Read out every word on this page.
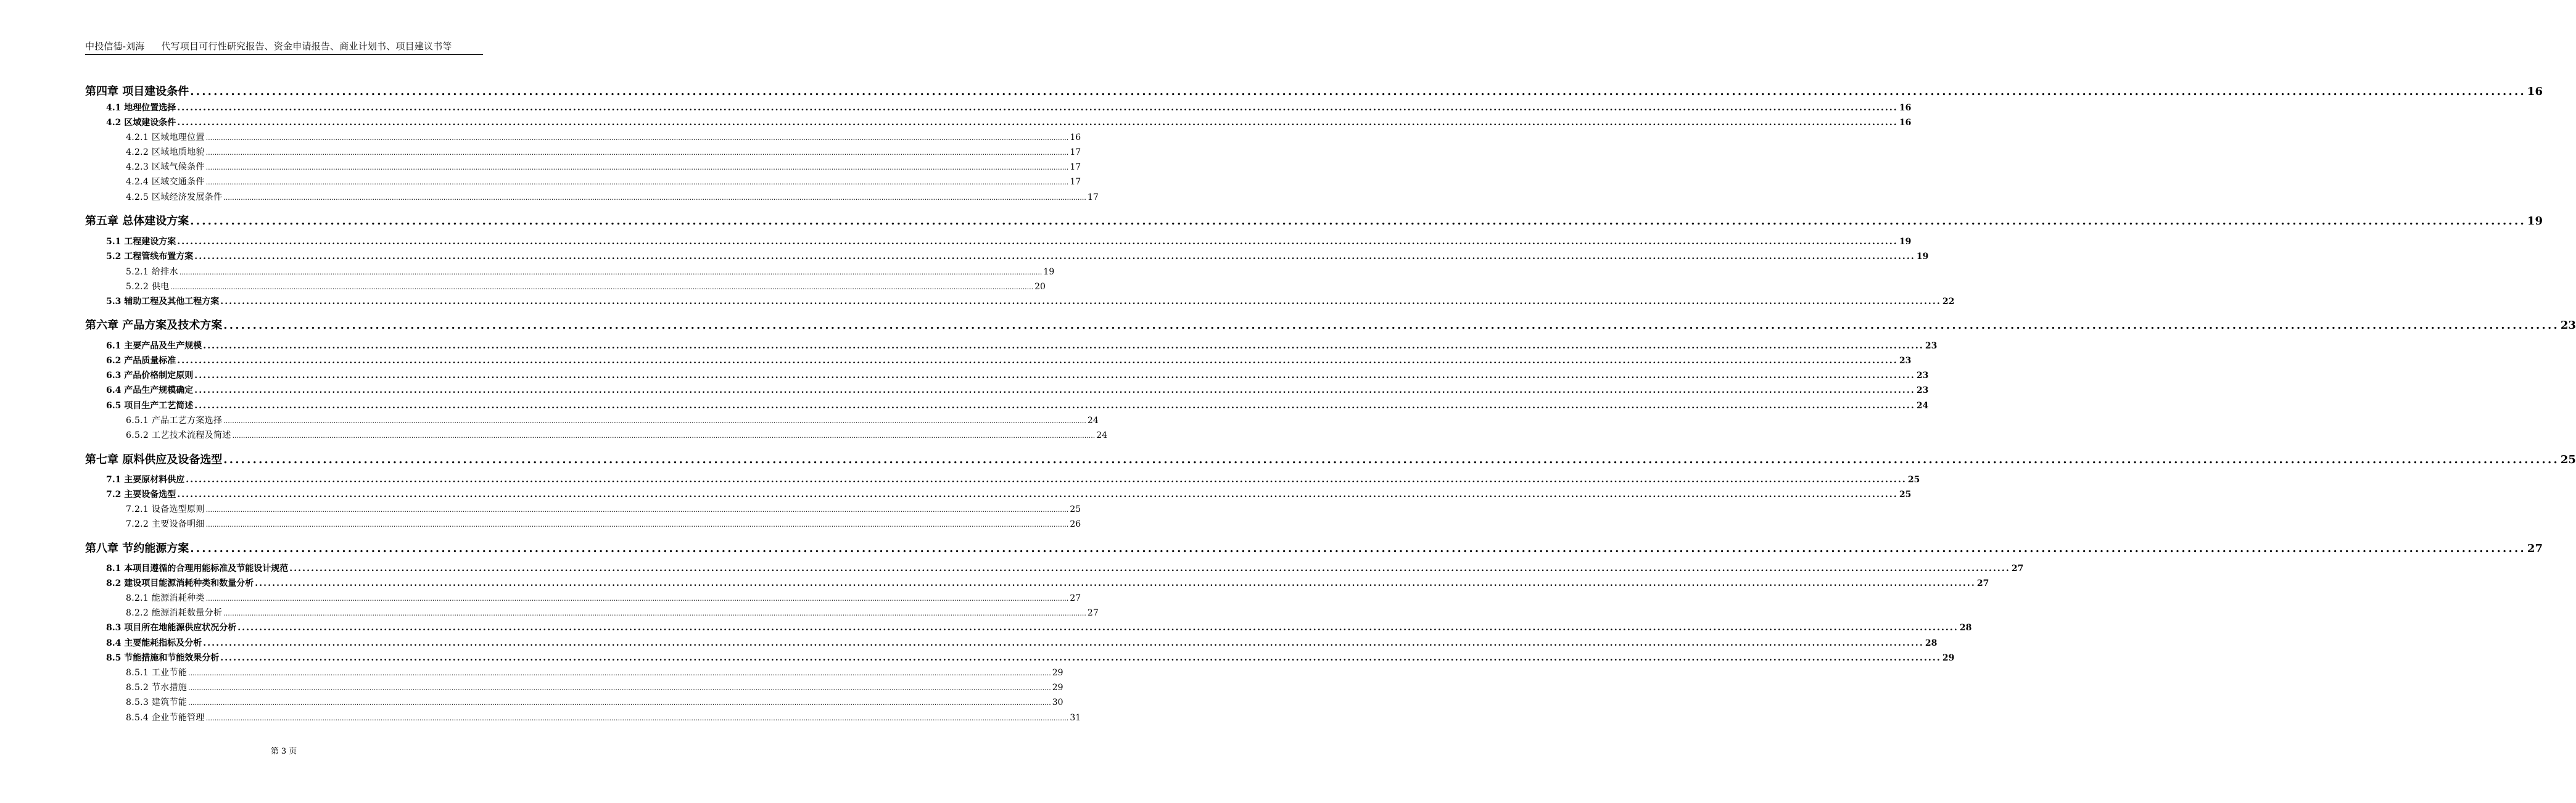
中投信德-刘海 代写项目可行性研究报告、资金申请报告、商业计划书、项目建议书等
第四章 项目建设条件 ................................................................................................................................................................................................................................................................................................................................................................................................................ 16
4.1 地理位置选择 ................................................................................................................................................................................................................................................................................................................................................................................................................ 16
4.2 区域建设条件 ................................................................................................................................................................................................................................................................................................................................................................................................................ 16
4.2.1 区域地理位置 ................................................................................................................................................................................................................................................................................................................................................................................................................ 16
4.2.2 区域地质地貌 ................................................................................................................................................................................................................................................................................................................................................................................................................ 17
4.2.3 区域气候条件 ................................................................................................................................................................................................................................................................................................................................................................................................................ 17
4.2.4 区域交通条件 ................................................................................................................................................................................................................................................................................................................................................................................................................ 17
4.2.5 区域经济发展条件 ................................................................................................................................................................................................................................................................................................................................................................................................................ 17
第五章 总体建设方案 ................................................................................................................................................................................................................................................................................................................................................................................................................ 19
5.1 工程建设方案 ................................................................................................................................................................................................................................................................................................................................................................................................................ 19
5.2 工程管线布置方案 ................................................................................................................................................................................................................................................................................................................................................................................................................ 19
5.2.1 给排水 ................................................................................................................................................................................................................................................................................................................................................................................................................ 19
5.2.2 供电 ................................................................................................................................................................................................................................................................................................................................................................................................................ 20
5.3 辅助工程及其他工程方案 ................................................................................................................................................................................................................................................................................................................................................................................................................ 22
第六章 产品方案及技术方案 ................................................................................................................................................................................................................................................................................................................................................................................................................ 23
6.1 主要产品及生产规模 ................................................................................................................................................................................................................................................................................................................................................................................................................ 23
6.2 产品质量标准 ................................................................................................................................................................................................................................................................................................................................................................................................................ 23
6.3 产品价格制定原则 ................................................................................................................................................................................................................................................................................................................................................................................................................ 23
6.4 产品生产规模确定 ................................................................................................................................................................................................................................................................................................................................................................................................................ 23
6.5 项目生产工艺简述 ................................................................................................................................................................................................................................................................................................................................................................................................................ 24
6.5.1 产品工艺方案选择 ................................................................................................................................................................................................................................................................................................................................................................................................................ 24
6.5.2 工艺技术流程及简述 ................................................................................................................................................................................................................................................................................................................................................................................................................ 24
第七章 原料供应及设备选型 ................................................................................................................................................................................................................................................................................................................................................................................................................ 25
7.1 主要原材料供应 ................................................................................................................................................................................................................................................................................................................................................................................................................ 25
7.2 主要设备选型 ................................................................................................................................................................................................................................................................................................................................................................................................................ 25
7.2.1 设备选型原则 ................................................................................................................................................................................................................................................................................................................................................................................................................ 25
7.2.2 主要设备明细 ................................................................................................................................................................................................................................................................................................................................................................................................................ 26
第八章 节约能源方案 ................................................................................................................................................................................................................................................................................................................................................................................................................ 27
8.1 本项目遵循的合理用能标准及节能设计规范 ................................................................................................................................................................................................................................................................................................................................................................................................................ 27
8.2 建设项目能源消耗种类和数量分析 ................................................................................................................................................................................................................................................................................................................................................................................................................ 27
8.2.1 能源消耗种类 ................................................................................................................................................................................................................................................................................................................................................................................................................ 27
8.2.2 能源消耗数量分析 ................................................................................................................................................................................................................................................................................................................................................................................................................ 27
8.3 项目所在地能源供应状况分析 ................................................................................................................................................................................................................................................................................................................................................................................................................ 28
8.4 主要能耗指标及分析 ................................................................................................................................................................................................................................................................................................................................................................................................................ 28
8.5 节能措施和节能效果分析 ................................................................................................................................................................................................................................................................................................................................................................................................................ 29
8.5.1 工业节能 ................................................................................................................................................................................................................................................................................................................................................................................................................ 29
8.5.2 节水措施 ................................................................................................................................................................................................................................................................................................................................................................................................................ 29
8.5.3 建筑节能 ................................................................................................................................................................................................................................................................................................................................................................................................................ 30
8.5.4 企业节能管理 ................................................................................................................................................................................................................................................................................................................................................................................................................ 31
第 3 页
